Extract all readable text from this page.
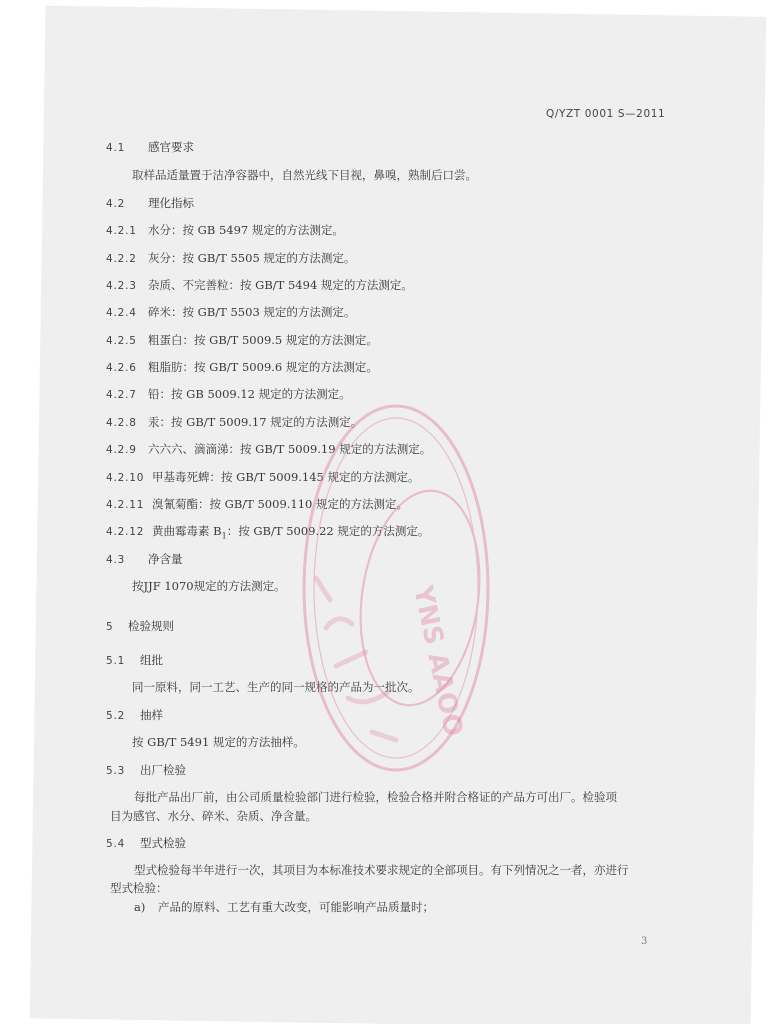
Q/YZT 0001 S—2011
4.1 感官要求
取样品适量置于洁净容器中，自然光线下目视，鼻嗅，熟制后口尝。
4.2 理化指标
4.2.1 水分：按 GB 5497 规定的方法测定。
4.2.2 灰分：按 GB/T 5505 规定的方法测定。
4.2.3 杂质、不完善粒：按 GB/T 5494 规定的方法测定。
4.2.4 碎米：按 GB/T 5503 规定的方法测定。
4.2.5 粗蛋白：按 GB/T 5009.5 规定的方法测定。
4.2.6 粗脂肪：按 GB/T 5009.6 规定的方法测定。
4.2.7 铅：按 GB 5009.12 规定的方法测定。
4.2.8 汞：按 GB/T 5009.17 规定的方法测定。
4.2.9 六六六、滴滴涕：按 GB/T 5009.19 规定的方法测定。
4.2.10 甲基毒死蜱：按 GB/T 5009.145 规定的方法测定。
4.2.11 溴氰菊酯：按 GB/T 5009.110 规定的方法测定。
4.2.12 黄曲霉毒素 $B_1$：按 GB/T 5009.22 规定的方法测定。
4.3 净含量
按JJF 1070规定的方法测定。
5 检验规则
5.1 组批
同一原料，同一工艺、生产的同一规格的产品为一批次。
5.2 抽样
按 GB/T 5491 规定的方法抽样。
5.3 出厂检验
每批产品出厂前，由公司质量检验部门进行检验，检验合格并附合格证的产品方可出厂。检验项
目为感官、水分、碎米、杂质、净含量。
5.4 型式检验
型式检验每半年进行一次，其项目为本标准技术要求规定的全部项目。有下列情况之一者，亦进行
型式检验：
a) 产品的原料、工艺有重大改变，可能影响产品质量时；
3
YNS AAOO
